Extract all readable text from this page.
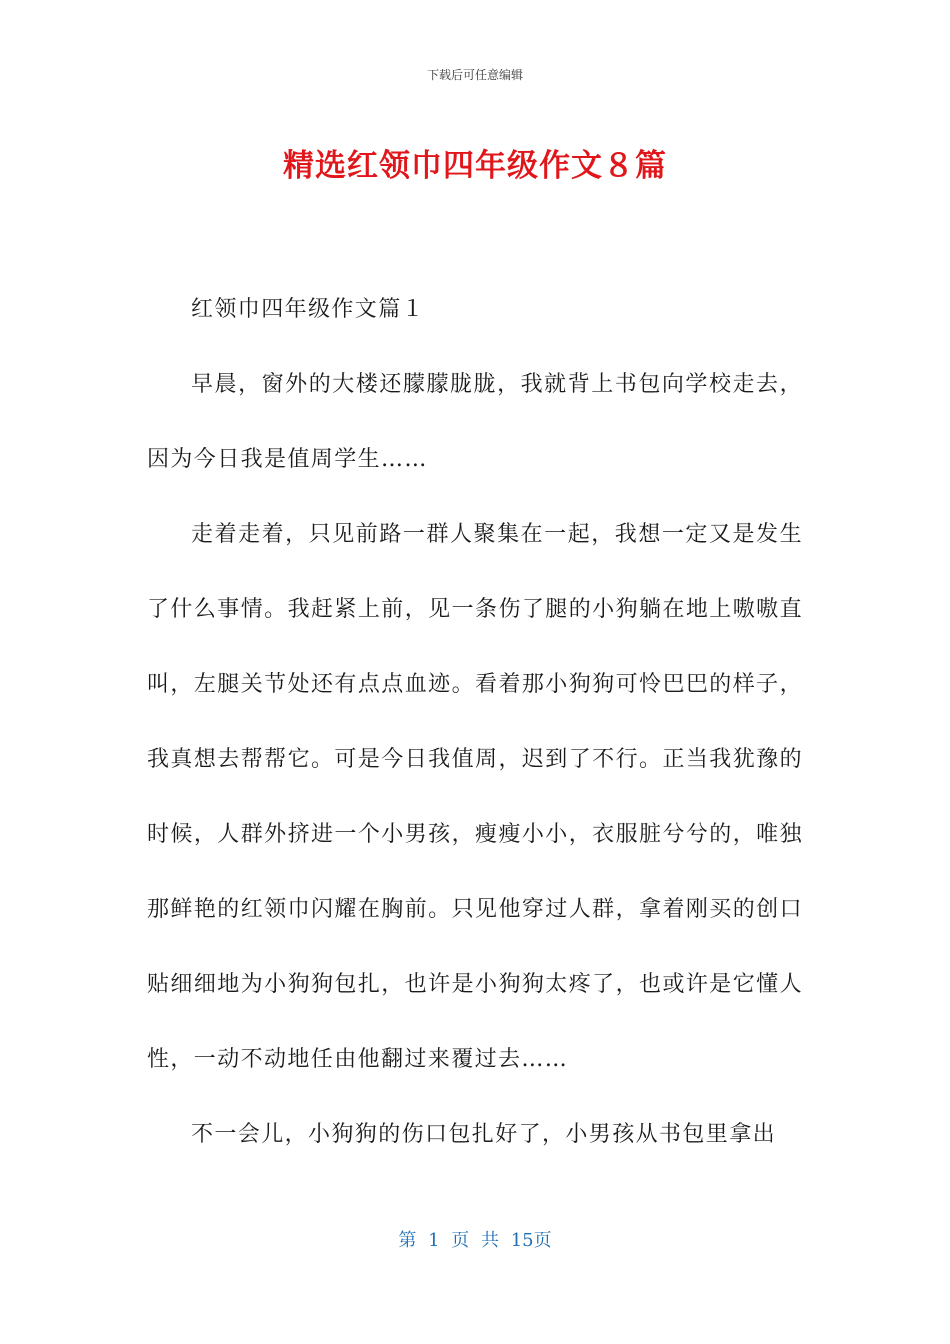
下载后可任意编辑
精选红领巾四年级作文８篇

红领巾四年级作文篇１

早晨，窗外的大楼还朦朦胧胧，我就背上书包向学校走去，因为今日我是值周学生……

走着走着，只见前路一群人聚集在一起，我想一定又是发生了什么事情。我赶紧上前，见一条伤了腿的小狗躺在地上嗷嗷直叫，左腿关节处还有点点血迹。看着那小狗狗可怜巴巴的样子，我真想去帮帮它。可是今日我值周，迟到了不行。正当我犹豫的时候，人群外挤进一个小男孩，瘦瘦小小，衣服脏兮兮的，唯独那鲜艳的红领巾闪耀在胸前。只见他穿过人群，拿着刚买的创口贴细细地为小狗狗包扎，也许是小狗狗太疼了，也或许是它懂人性，一动不动地任由他翻过来覆过去……

不一会儿，小狗狗的伤口包扎好了，小男孩从书包里拿出

第 1 页 共 15页
